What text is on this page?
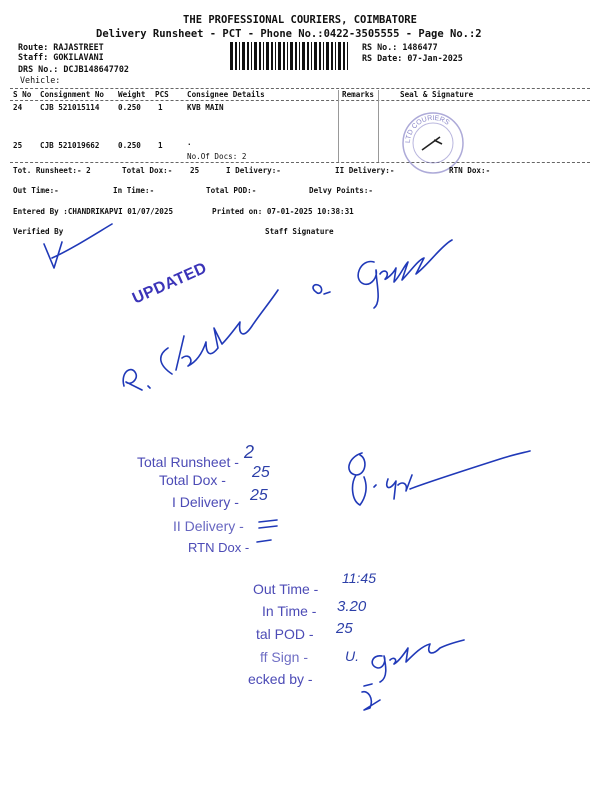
THE PROFESSIONAL COURIERS, COIMBATORE
Delivery Runsheet - PCT - Phone No.:0422-3505555 - Page No.:2
Route: RAJASTREET
Staff: GOKILAVANI
DRS No.: DCJB148647702
Vehicle:
RS No.: 1486477
RS Date: 07-Jan-2025
S No Consignment No Weight PCS Consignee Details	Remarks	Seal & Signature
24 CJB 521015114 0.250 1	KVB MAIN
25 CJB 521019662 0.250 1	.
No.Of Docs: 2
LTD COURIERS
Tot. Runsheet:- 2	Total Dox:- 25	I Delivery:-	II Delivery:-	RTN Dox:-
Out Time:-	In Time:-	Total POD:-	Delvy Points:-
Entered By :CHANDRIKAPVI 01/07/2025	Printed on: 07-01-2025 10:38:31
Verified By	Staff Signature
UPDATED
Total Runsheet - 2
Total Dox - 25
I Delivery - 25
II Delivery -
RTN Dox -
Out Time -
11:45
In Time - 3.20
tal POD - 25
ff Sign -	U.
ecked by -
